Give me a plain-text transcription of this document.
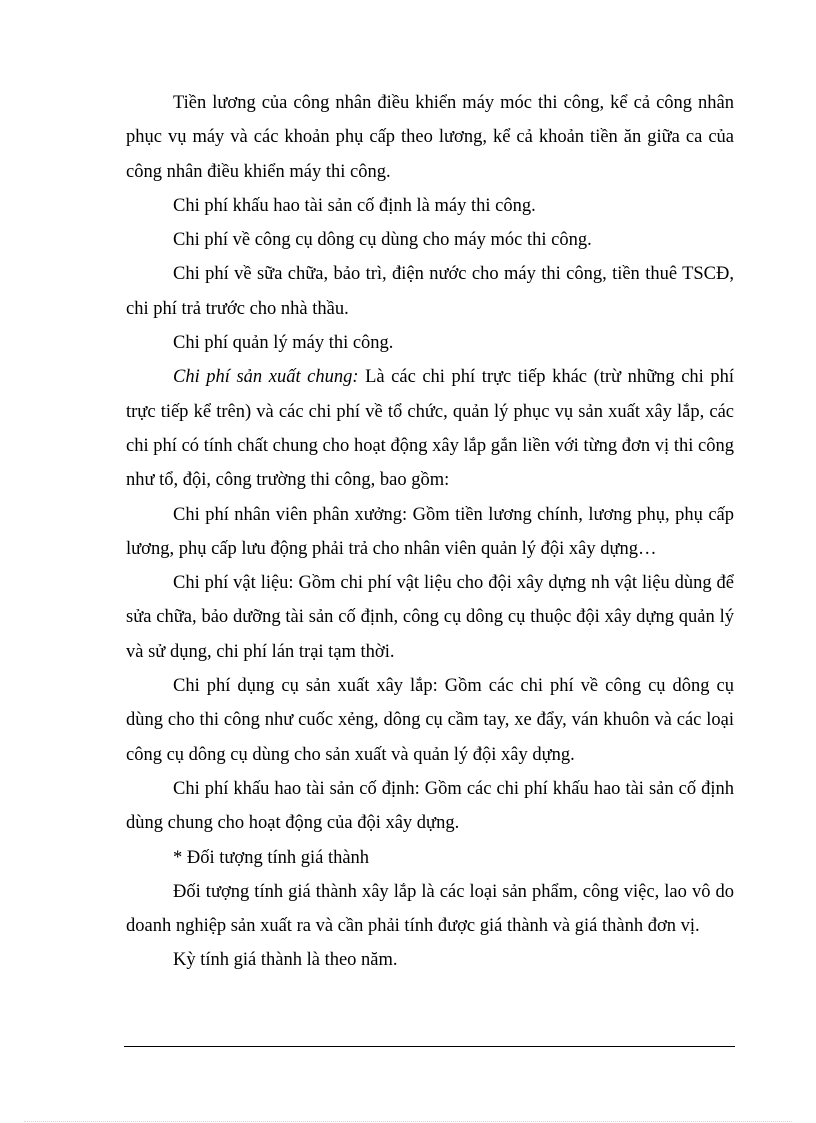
Tiền lương của công nhân điều khiển máy móc thi công, kể cả công nhân phục vụ máy và các khoản phụ cấp theo lương, kể cả khoản tiền ăn giữa ca của công nhân điều khiển máy thi công.

Chi phí khấu hao tài sản cố định là máy thi công.

Chi phí về công cụ dông cụ dùng cho máy móc thi công.

Chi phí về sữa chữa, bảo trì, điện nước cho máy thi công, tiền thuê TSCĐ, chi phí trả trước cho nhà thầu.

Chi phí quản lý máy thi công.

Chi phí sản xuất chung: Là các chi phí trực tiếp khác (trừ những chi phí trực tiếp kể trên) và các chi phí về tổ chức, quản lý phục vụ sản xuất xây lắp, các chi phí có tính chất chung cho hoạt động xây lắp gắn liền với từng đơn vị thi công như tổ, đội, công trường thi công, bao gồm:

Chi phí nhân viên phân xưởng: Gồm tiền lương chính, lương phụ, phụ cấp lương, phụ cấp lưu động phải trả cho nhân viên quản lý đội xây dựng…

Chi phí vật liệu: Gồm chi phí vật liệu cho đội xây dựng nh vật liệu dùng để sửa chữa, bảo dưỡng tài sản cố định, công cụ dông cụ thuộc đội xây dựng quản lý và sử dụng, chi phí lán trại tạm thời.

Chi phí dụng cụ sản xuất xây lắp: Gồm các chi phí về công cụ dông cụ dùng cho thi công như cuốc xẻng, dông cụ cầm tay, xe đẩy, ván khuôn và các loại công cụ dông cụ dùng cho sản xuất và quản lý đội xây dựng.

Chi phí khấu hao tài sản cố định: Gồm các chi phí khấu hao tài sản cố định dùng chung cho hoạt động của đội xây dựng.

* Đối tượng tính giá thành

Đối tượng tính giá thành xây lắp là các loại sản phẩm, công việc, lao vô do doanh nghiệp sản xuất ra và cần phải tính được giá thành và giá thành đơn vị.

Kỳ tính giá thành là theo năm.
